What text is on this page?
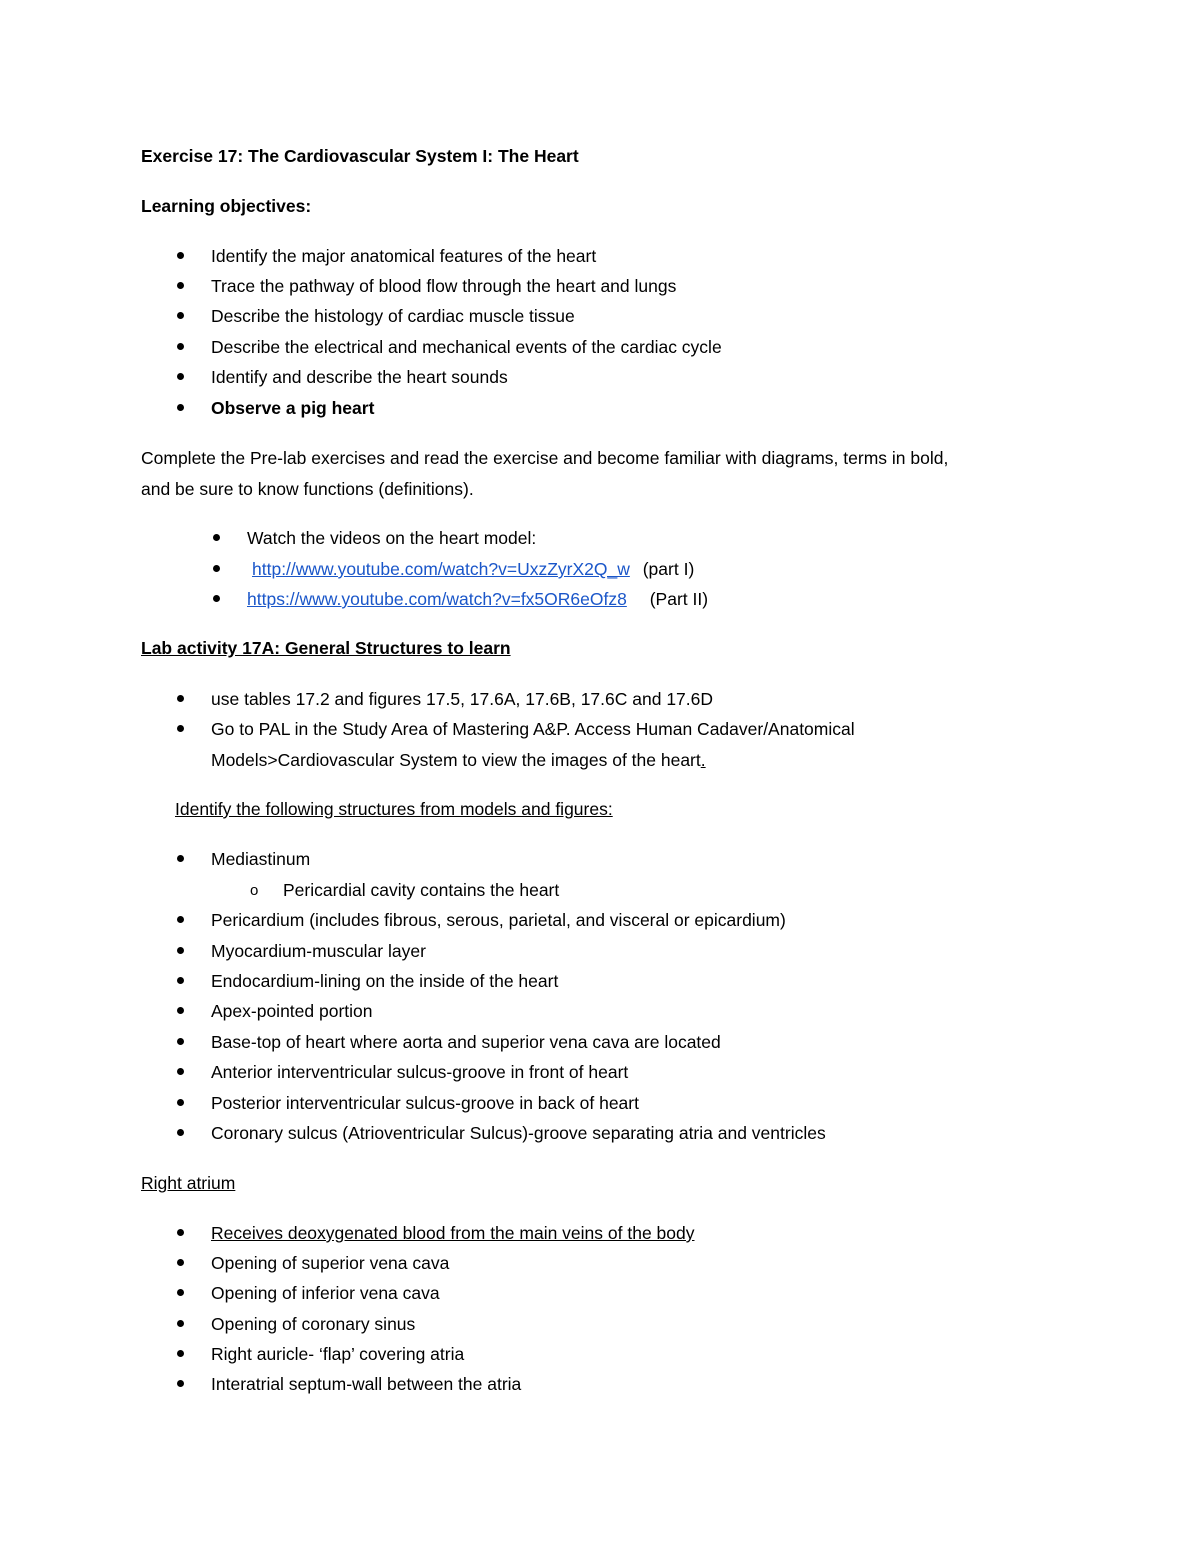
Exercise 17: The Cardiovascular System I: The Heart
Learning objectives:
Identify the major anatomical features of the heart
Trace the pathway of blood flow through the heart and lungs
Describe the histology of cardiac muscle tissue
Describe the electrical and mechanical events of the cardiac cycle
Identify and describe the heart sounds
Observe a pig heart
Complete the Pre-lab exercises and read the exercise and become familiar with diagrams, terms in bold,
and be sure to know functions (definitions).
Watch the videos on the heart model:
http://www.youtube.com/watch?v=UxzZyrX2Q_w (part I)
https://www.youtube.com/watch?v=fx5OR6eOfz8 (Part II)
Lab activity 17A: General Structures to learn
use tables 17.2 and figures 17.5, 17.6A, 17.6B, 17.6C and 17.6D
Go to PAL in the Study Area of Mastering A&P. Access Human Cadaver/Anatomical
Models>Cardiovascular System to view the images of the heart.
Identify the following structures from models and figures:
Mediastinum
o Pericardial cavity contains the heart
Pericardium (includes fibrous, serous, parietal, and visceral or epicardium)
Myocardium-muscular layer
Endocardium-lining on the inside of the heart
Apex-pointed portion
Base-top of heart where aorta and superior vena cava are located
Anterior interventricular sulcus-groove in front of heart
Posterior interventricular sulcus-groove in back of heart
Coronary sulcus (Atrioventricular Sulcus)-groove separating atria and ventricles
Right atrium
Receives deoxygenated blood from the main veins of the body
Opening of superior vena cava
Opening of inferior vena cava
Opening of coronary sinus
Right auricle- ‘flap’ covering atria
Interatrial septum-wall between the atria
